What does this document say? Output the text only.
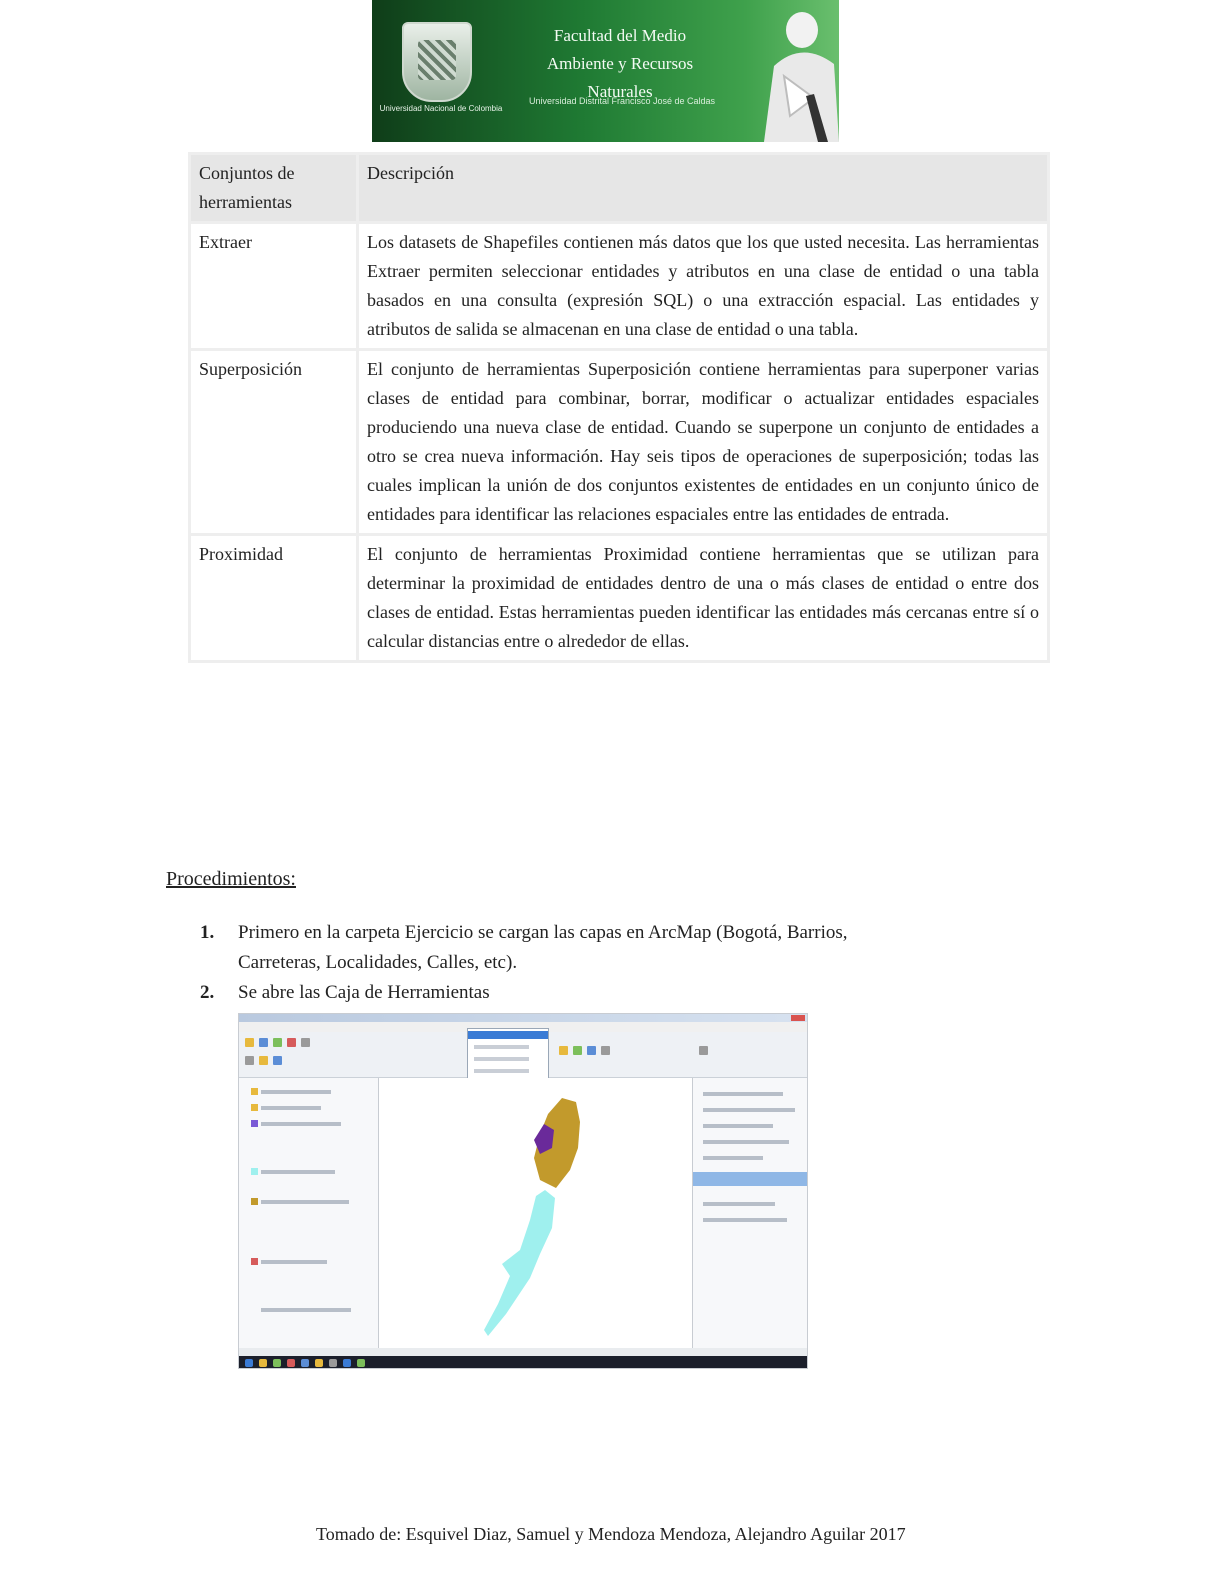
Universidad Nacional de Colombia
Facultad del Medio
Ambiente y Recursos
Naturales
Universidad Distrital Francisco José de Caldas
Conjuntos de herramientas	Descripción
Extraer	Los datasets de Shapefiles contienen más datos que los que usted necesita. Las herramientas Extraer permiten seleccionar entidades y atributos en una clase de entidad o una tabla basados en una consulta (expresión SQL) o una extracción espacial. Las entidades y atributos de salida se almacenan en una clase de entidad o una tabla.
Superposición	El conjunto de herramientas Superposición contiene herramientas para superponer varias clases de entidad para combinar, borrar, modificar o actualizar entidades espaciales produciendo una nueva clase de entidad. Cuando se superpone un conjunto de entidades a otro se crea nueva información. Hay seis tipos de operaciones de superposición; todas las cuales implican la unión de dos conjuntos existentes de entidades en un conjunto único de entidades para identificar las relaciones espaciales entre las entidades de entrada.
Proximidad	El conjunto de herramientas Proximidad contiene herramientas que se utilizan para determinar la proximidad de entidades dentro de una o más clases de entidad o entre dos clases de entidad. Estas herramientas pueden identificar las entidades más cercanas entre sí o calcular distancias entre o alrededor de ellas.
Procedimientos:
1. Primero en la carpeta Ejercicio se cargan las capas en ArcMap (Bogotá, Barrios, Carreteras, Localidades, Calles, etc).
2. Se abre las Caja de Herramientas
Tomado de: Esquivel Diaz, Samuel y Mendoza Mendoza, Alejandro Aguilar 2017
